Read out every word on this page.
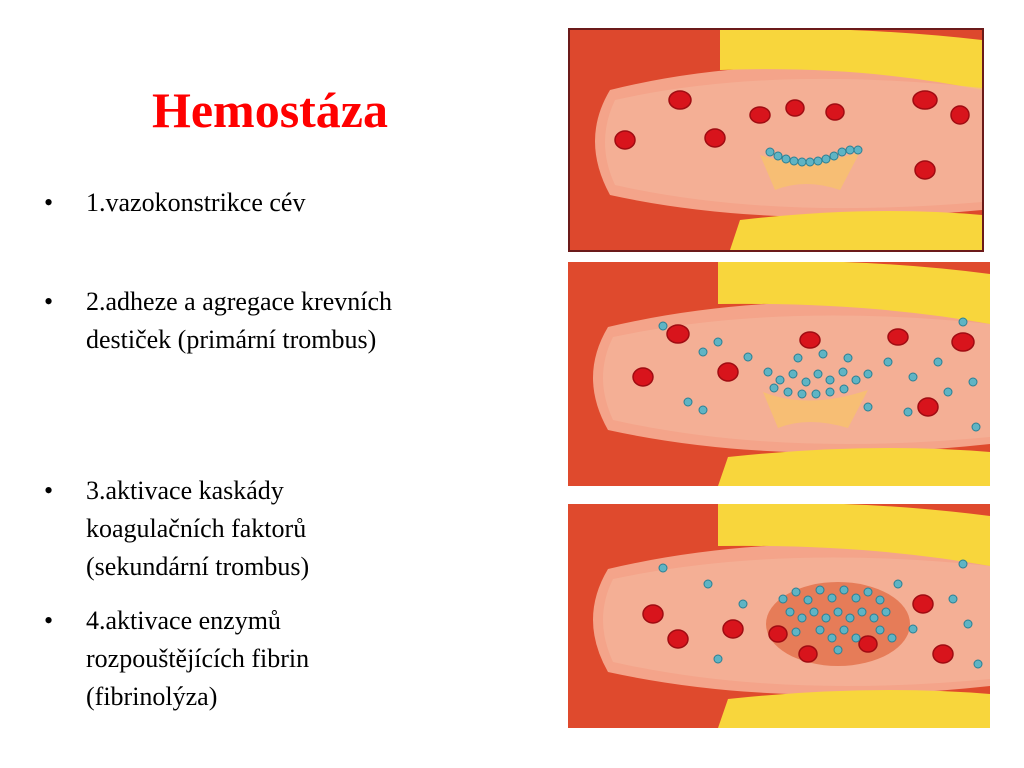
Hemostáza
•	1.vazokonstrikce cév
•	2.adheze a agregace krevních
destiček (primární trombus)
•	3.aktivace kaskády
koagulačních faktorů
(sekundární trombus)
•	4.aktivace enzymů
rozpouštějících fibrin
(fibrinolýza)
